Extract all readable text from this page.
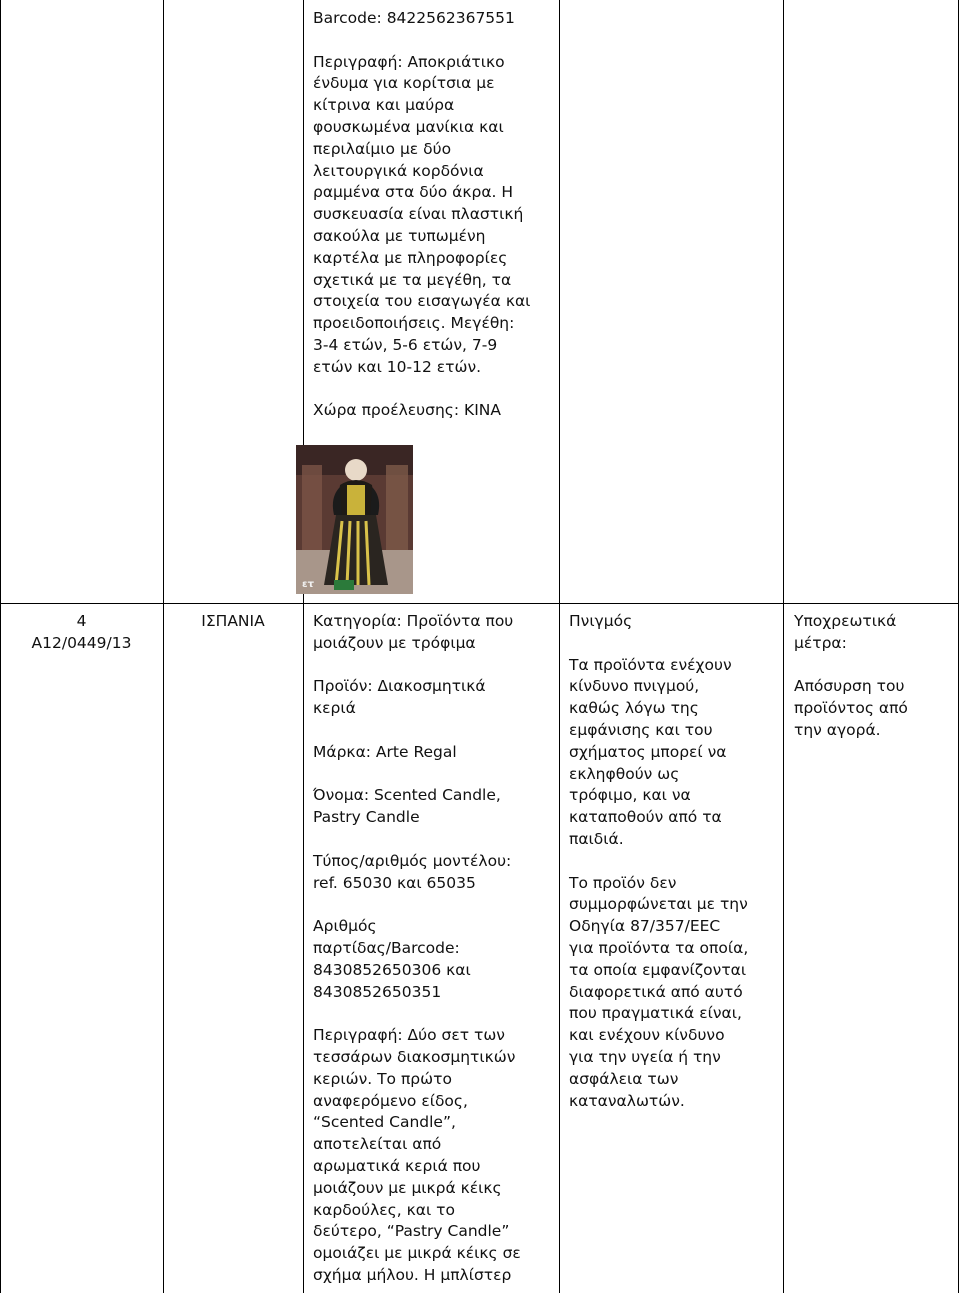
Barcode: 8422562367551

Περιγραφή: Αποκριάτικο
ένδυμα για κορίτσια με
κίτρινα και μαύρα
φουσκωμένα μανίκια και
περιλαίμιο με δύο
λειτουργικά κορδόνια
ραμμένα στα δύο άκρα. Η
συσκευασία είναι πλαστική
σακούλα με τυπωμένη
καρτέλα με πληροφορίες
σχετικά με τα μεγέθη, τα
στοιχεία του εισαγωγέα και
προειδοποιήσεις. Μεγέθη:
3-4 ετών, 5-6 ετών, 7-9
ετών και 10-12 ετών.

Χώρα προέλευσης: ΚΙΝΑ

ετ
4
A12/0449/13
ΙΣΠΑΝΙΑ	Κατηγορία: Προϊόντα που
μοιάζουν με τρόφιμα

Προϊόν: Διακοσμητικά
κεριά

Μάρκα: Arte Regal

Όνομα: Scented Candle,
Pastry Candle

Τύπος/αριθμός μοντέλου:
ref. 65030 και 65035

Αριθμός
παρτίδας/Barcode:
8430852650306 και
8430852650351

Περιγραφή: Δύο σετ των
τεσσάρων διακοσμητικών
κεριών. Το πρώτο
αναφερόμενο είδος,
“Scented Candle”,
αποτελείται από
αρωματικά κεριά που
μοιάζουν με μικρά κέικς
καρδούλες, και το
δεύτερο, “Pastry Candle”
ομοιάζει με μικρά κέικς σε
σχήμα μήλου. Η μπλίστερ

Πνιγμός

Τα προϊόντα ενέχουν
κίνδυνο πνιγμού,
καθώς λόγω της
εμφάνισης και του
σχήματος μπορεί να
εκληφθούν ως
τρόφιμο, και να
καταποθούν από τα
παιδιά.

Το προϊόν δεν
συμμορφώνεται με την
Οδηγία 87/357/ΕΕC
για προϊόντα τα οποία,
τα οποία εμφανίζονται
διαφορετικά από αυτό
που πραγματικά είναι,
και ενέχουν κίνδυνο
για την υγεία ή την
ασφάλεια των
καταναλωτών.

Υποχρεωτικά
μέτρα:

Απόσυρση του
προϊόντος από
την αγορά.
